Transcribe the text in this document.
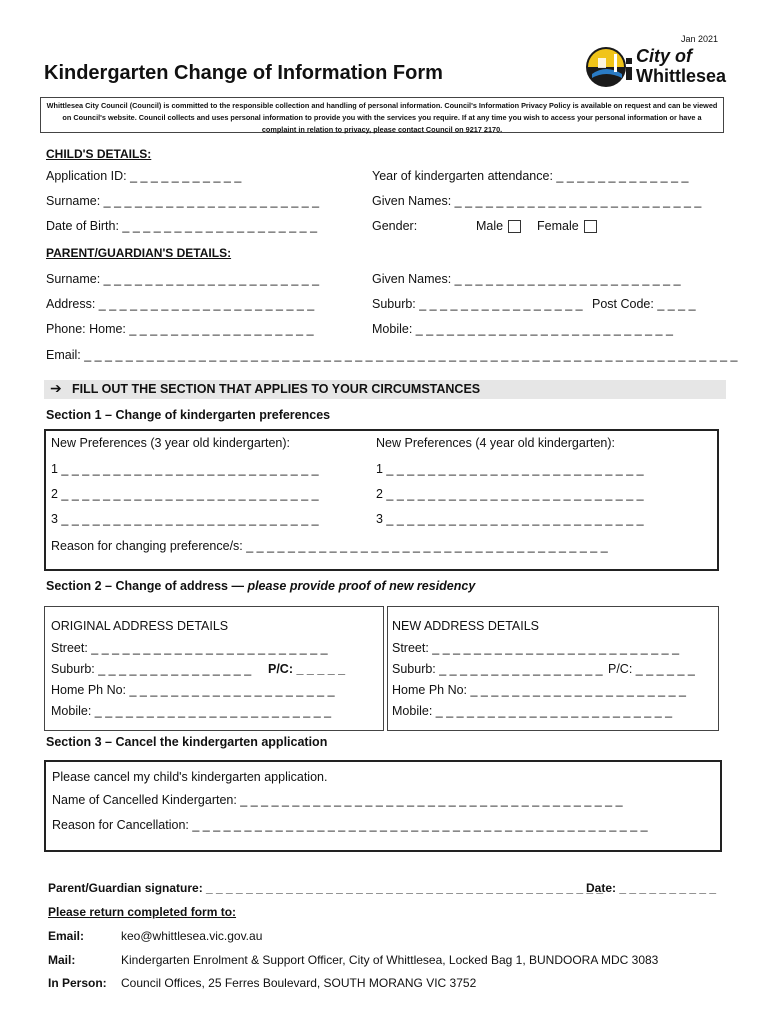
Jan 2021
Kindergarten Change of Information Form
City of
Whittlesea
Whittlesea City Council (Council) is committed to the responsible collection and handling of personal information. Council's Information Privacy Policy is available on request and can be viewed on Council's website. Council collects and uses personal information to provide you with the services you require. If at any time you wish to access your personal information or have a complaint in relation to privacy, please contact Council on 9217 2170.
CHILD'S DETAILS:
Application ID: _ _ _ _ _ _ _ _ _ _ _	Year of kindergarten attendance: _ _ _ _ _ _ _ _ _ _ _ _ _
Surname: _ _ _ _ _ _ _ _ _ _ _ _ _ _ _ _ _ _ _ _ _	Given Names: _ _ _ _ _ _ _ _ _ _ _ _ _ _ _ _ _ _ _ _ _ _ _ _
Date of Birth: _ _ _ _ _ _ _ _ _ _ _ _ _ _ _ _ _ _ _	Gender:	Male	Female
PARENT/GUARDIAN'S DETAILS:
Surname: _ _ _ _ _ _ _ _ _ _ _ _ _ _ _ _ _ _ _ _ _	Given Names: _ _ _ _ _ _ _ _ _ _ _ _ _ _ _ _ _ _ _ _ _ _
Address: _ _ _ _ _ _ _ _ _ _ _ _ _ _ _ _ _ _ _ _ _	Suburb: _ _ _ _ _ _ _ _ _ _ _ _ _ _ _ _ Post Code: _ _ _ _
Phone: Home: _ _ _ _ _ _ _ _ _ _ _ _ _ _ _ _ _ _	Mobile: _ _ _ _ _ _ _ _ _ _ _ _ _ _ _ _ _ _ _ _ _ _ _ _ _
Email: _ _ _ _ _ _ _ _ _ _ _ _ _ _ _ _ _ _ _ _ _ _ _ _ _ _ _ _ _ _ _ _ _ _ _ _ _ _ _ _ _ _ _ _ _ _ _ _ _ _ _ _ _ _ _ _ _ _ _ _ _ _ _
➔ FILL OUT THE SECTION THAT APPLIES TO YOUR CIRCUMSTANCES
Section 1 – Change of kindergarten preferences
New Preferences (3 year old kindergarten):	New Preferences (4 year old kindergarten):
1 _ _ _ _ _ _ _ _ _ _ _ _ _ _ _ _ _ _ _ _ _ _ _ _ _	1 _ _ _ _ _ _ _ _ _ _ _ _ _ _ _ _ _ _ _ _ _ _ _ _ _
2 _ _ _ _ _ _ _ _ _ _ _ _ _ _ _ _ _ _ _ _ _ _ _ _ _	2 _ _ _ _ _ _ _ _ _ _ _ _ _ _ _ _ _ _ _ _ _ _ _ _ _
3 _ _ _ _ _ _ _ _ _ _ _ _ _ _ _ _ _ _ _ _ _ _ _ _ _	3 _ _ _ _ _ _ _ _ _ _ _ _ _ _ _ _ _ _ _ _ _ _ _ _ _
Reason for changing preference/s: _ _ _ _ _ _ _ _ _ _ _ _ _ _ _ _ _ _ _ _ _ _ _ _ _ _ _ _ _ _ _ _ _ _ _
Section 2 – Change of address — please provide proof of new residency
ORIGINAL ADDRESS DETAILS
Street: _ _ _ _ _ _ _ _ _ _ _ _ _ _ _ _ _ _ _ _ _ _ _
Suburb: _ _ _ _ _ _ _ _ _ _ _ _ _ _ _ P/C: _ _ _ _ _
Home Ph No: _ _ _ _ _ _ _ _ _ _ _ _ _ _ _ _ _ _ _ _
Mobile: _ _ _ _ _ _ _ _ _ _ _ _ _ _ _ _ _ _ _ _ _ _ _
NEW ADDRESS DETAILS
Street: _ _ _ _ _ _ _ _ _ _ _ _ _ _ _ _ _ _ _ _ _ _ _ _
Suburb: _ _ _ _ _ _ _ _ _ _ _ _ _ _ _ _ P/C: _ _ _ _ _ _
Home Ph No: _ _ _ _ _ _ _ _ _ _ _ _ _ _ _ _ _ _ _ _ _
Mobile: _ _ _ _ _ _ _ _ _ _ _ _ _ _ _ _ _ _ _ _ _ _ _
Section 3 – Cancel the kindergarten application
Please cancel my child's kindergarten application.
Name of Cancelled Kindergarten: _ _ _ _ _ _ _ _ _ _ _ _ _ _ _ _ _ _ _ _ _ _ _ _ _ _ _ _ _ _ _ _ _ _ _ _ _
Reason for Cancellation: _ _ _ _ _ _ _ _ _ _ _ _ _ _ _ _ _ _ _ _ _ _ _ _ _ _ _ _ _ _ _ _ _ _ _ _ _ _ _ _ _ _ _ _
Parent/Guardian signature: _ _ _ _ _ _ _ _ _ _ _ _ _ _ _ _ _ _ _ _ _ _ _ _ _ _ _ _ _ _ _ _ _ _ _ _ _ _ _ _
Date: _ _ _ _ _ _ _ _ _ _
Please return completed form to:
Email:	keo@whittlesea.vic.gov.au
Mail:	Kindergarten Enrolment & Support Officer, City of Whittlesea, Locked Bag 1, BUNDOORA MDC 3083
In Person: Council Offices, 25 Ferres Boulevard, SOUTH MORANG VIC 3752
